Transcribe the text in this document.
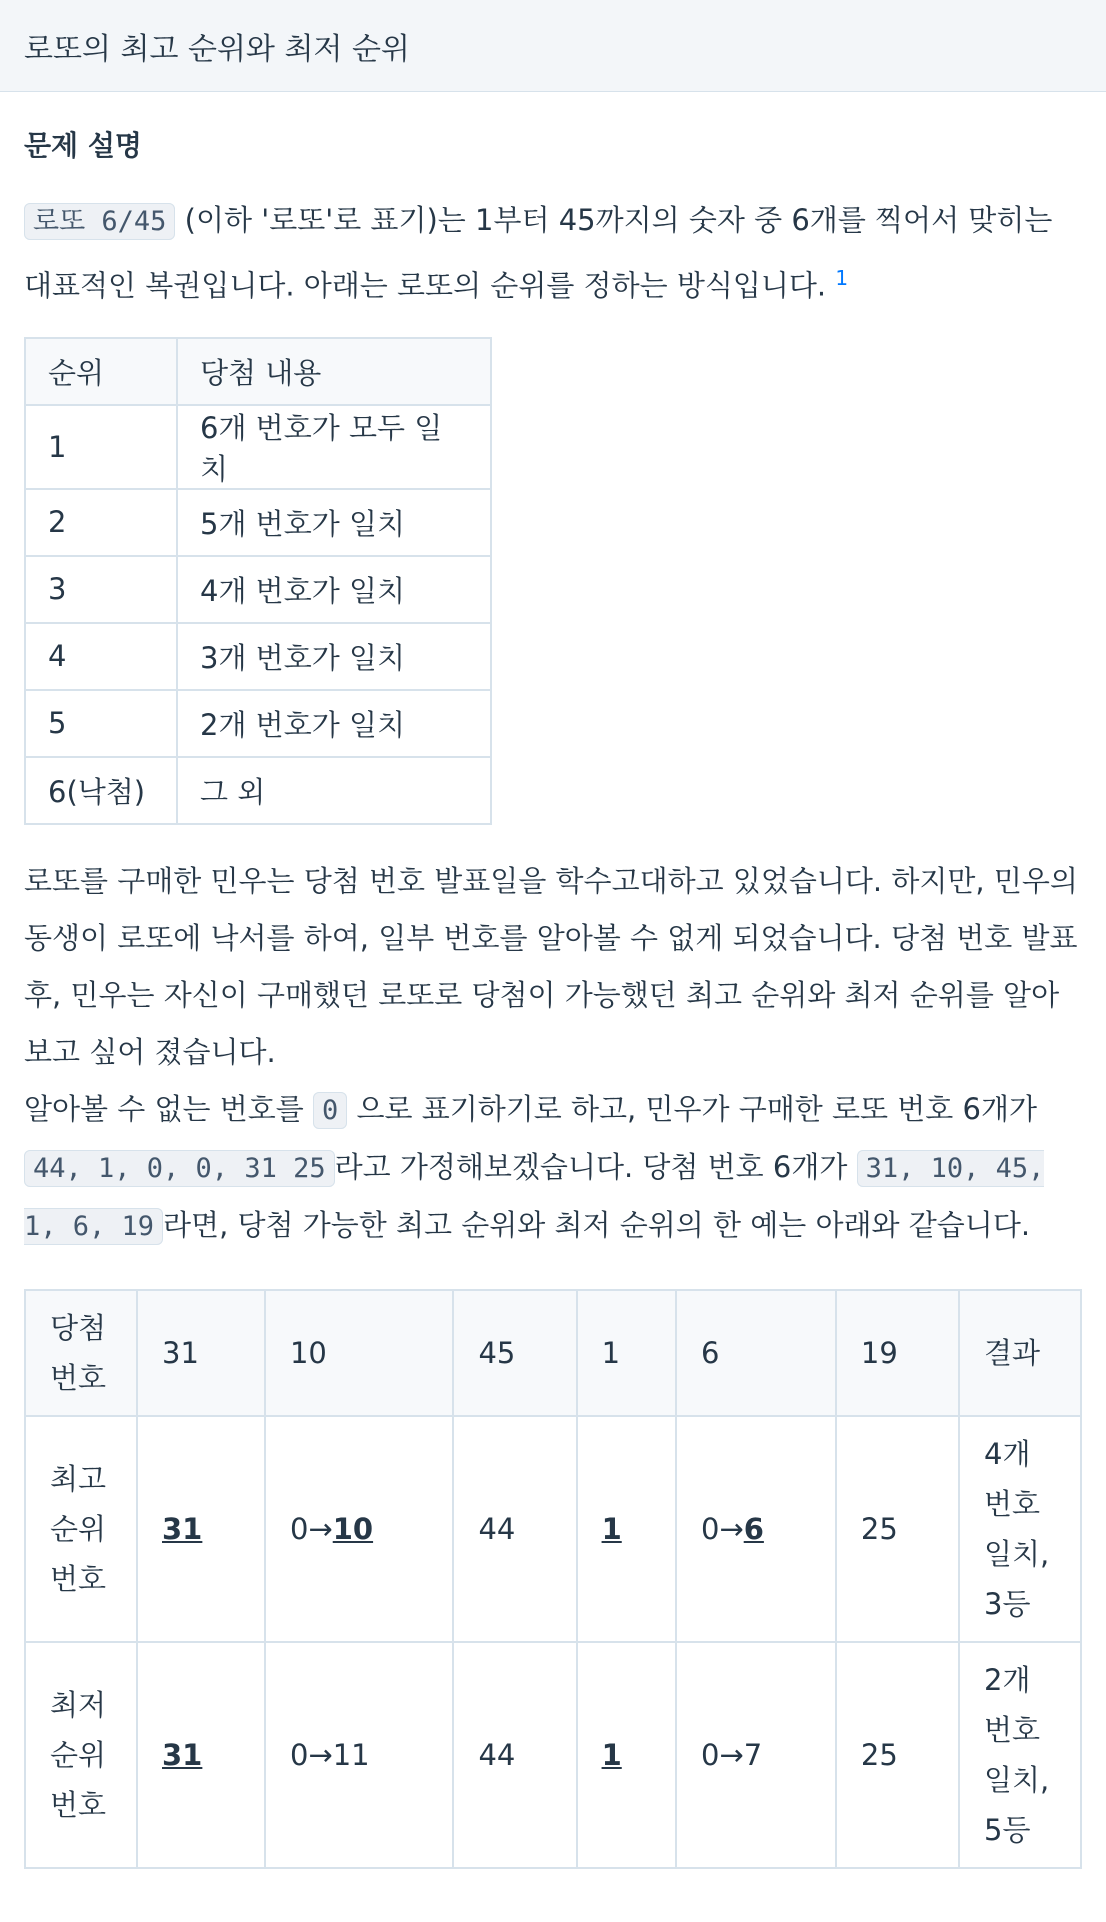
로또의 최고 순위와 최저 순위
문제 설명

로또 6/45 (이하 '로또'로 표기)는 1부터 45까지의 숫자 중 6개를 찍어서 맞히는 대표적인 복권입니다. 아래는 로또의 순위를 정하는 방식입니다. $^1$

순위	당첨 내용
1	6개 번호가 모두 일치
2	5개 번호가 일치
3	4개 번호가 일치
4	3개 번호가 일치
5	2개 번호가 일치
6(낙첨)	그 외

로또를 구매한 민우는 당첨 번호 발표일을 학수고대하고 있었습니다. 하지만, 민우의 동생이 로또에 낙서를 하여, 일부 번호를 알아볼 수 없게 되었습니다. 당첨 번호 발표 후, 민우는 자신이 구매했던 로또로 당첨이 가능했던 최고 순위와 최저 순위를 알아보고 싶어 졌습니다.

알아볼 수 없는 번호를 0 으로 표기하기로 하고, 민우가 구매한 로또 번호 6개가 44, 1, 0, 0, 31 25 라고 가정해보겠습니다. 당첨 번호 6개가 31, 10, 45, 1, 6, 19 라면, 당첨 가능한 최고 순위와 최저 순위의 한 예는 아래와 같습니다.

당첨 번호	31	10	45	1	6	19	결과
최고 순위 번호	31	0→10	44	1	0→6	25	4개 번호 일치, 3등
최저 순위 번호	31	0→11	44	1	0→7	25	2개 번호 일치, 5등
